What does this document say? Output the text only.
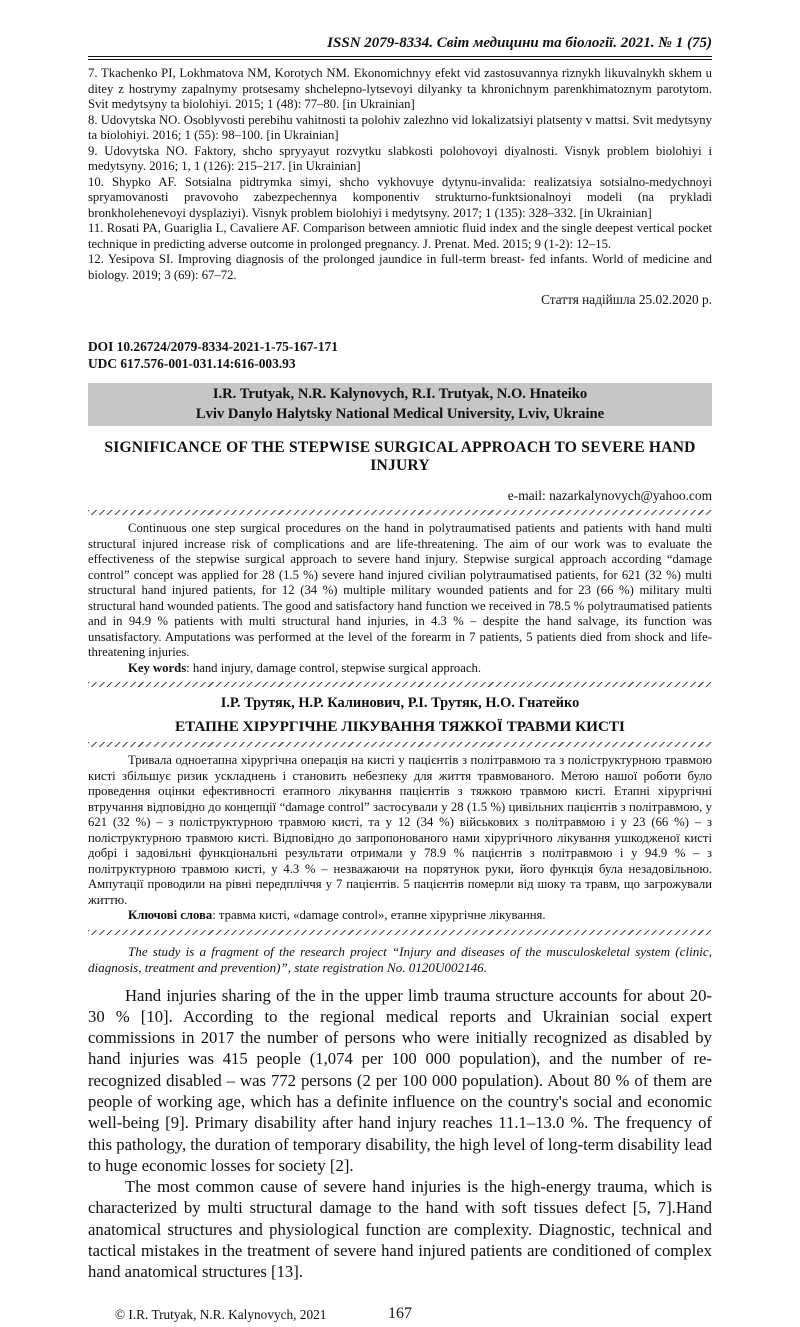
ISSN 2079-8334. Світ медицини та біології. 2021. № 1 (75)

7. Tkachenko PI, Lokhmatova NM, Korotych NM. Ekonomichnyy efekt vid zastosuvannya riznykh likuvalnykh skhem u ditey z hostrymy zapalnymy protsesamy shchelepno-lytsevoyi dilyanky ta khronichnym parenkhimatoznym parotytom. Svit medytsyny ta biolohiyi. 2015; 1 (48): 77–80. [in Ukrainian]

8. Udovytska NO. Osoblyvosti perebihu vahitnosti ta polohiv zalezhno vid lokalizatsiyi platsenty v mattsi. Svit medytsyny ta biolohiyi. 2016; 1 (55): 98–100. [in Ukrainian]

9. Udovytska NO. Faktory, shcho spryyayut rozvytku slabkosti polohovoyi diyalnosti. Visnyk problem biolohiyi i medytsyny. 2016; 1, 1 (126): 215–217. [in Ukrainian]

10. Shypko AF. Sotsialna pidtrymka simyi, shcho vykhovuye dytynu-invalida: realizatsiya sotsialno-medychnoyi spryamovanosti pravovoho zabezpechennya komponentiv strukturno-funktsionalnoyi modeli (na prykladi bronkholehenevoyi dysplaziyi). Visnyk problem biolohiyi i medytsyny. 2017; 1 (135): 328–332. [in Ukrainian]

11. Rosati PA, Guariglia L, Cavaliere AF. Comparison between amniotic fluid index and the single deepest vertical pocket technique in predicting adverse outcome in prolonged pregnancy. J. Prenat. Med. 2015; 9 (1-2): 12–15.

12. Yesipova SI. Improving diagnosis of the prolonged jaundice in full-term breast- fed infants. World of medicine and biology. 2019; 3 (69): 67–72.

Стаття надійшла 25.02.2020 р.
DOI 10.26724/2079-8334-2021-1-75-167-171
UDC 617.576-001-031.14:616-003.93
I.R. Trutyak, N.R. Kalynovych, R.I. Trutyak, N.O. Hnateiko
Lviv Danylo Halytsky National Medical University, Lviv, Ukraine
SIGNIFICANCE OF THE STEPWISE SURGICAL APPROACH TO SEVERE HAND INJURY
e-mail: nazarkalynovych@yahoo.com

Continuous one step surgical procedures on the hand in polytraumatised patients and patients with hand multi structural injured increase risk of complications and are life-threatening. The aim of our work was to evaluate the effectiveness of the stepwise surgical approach to severe hand injury. Stepwise surgical approach according “damage control” concept was applied for 28 (1.5 %) severe hand injured civilian polytraumatised patients, for 621 (32 %) multi structural hand injured patients, for 12 (34 %) multiple military wounded patients and for 23 (66 %) military multi structural hand wounded patients. The good and satisfactory hand function we received in 78.5 % polytraumatised patients and in 94.9 % patients with multi structural hand injuries, in 4.3 % – despite the hand salvage, its function was unsatisfactory. Amputations was performed at the level of the forearm in 7 patients, 5 patients died from shock and life-threatening injuries.

Key words: hand injury, damage control, stepwise surgical approach.

І.Р. Трутяк, Н.Р. Калинович, Р.І. Трутяк, Н.О. Гнатейко
ЕТАПНЕ ХІРУРГІЧНЕ ЛІКУВАННЯ ТЯЖКОЇ ТРАВМИ КИСТІ

Тривала одноетапна хірургічна операція на кисті у пацієнтів з політравмою та з поліструктурною травмою кисті збільшує ризик ускладнень і становить небезпеку для життя травмованого. Метою нашої роботи було проведення оцінки ефективності етапного лікування пацієнтів з тяжкою травмою кисті. Етапні хірургічні втручання відповідно до концепції “damage control” застосували у 28 (1.5 %) цивільних пацієнтів з політравмою, у 621 (32 %) – з поліструктурною травмою кисті, та у 12 (34 %) військових з політравмою і у 23 (66 %) – з поліструктурною травмою кисті. Відповідно до запропонованого нами хірургічного лікування ушкодженої кисті добрі і задовільні функціональні результати отримали у 78.9 % пацієнтів з політравмою і у 94.9 % – з політруктурною травмою кисті, у 4.3 % – незважаючи на порятунок руки, його функція була незадовільною. Ампутації проводили на рівні передпліччя у 7 пацієнтів. 5 пацієнтів померли від шоку та травм, що загрожували життю.

Ключові слова: травма кисті, «damage control», етапне хірургічне лікування.

The study is a fragment of the research project “Injury and diseases of the musculoskeletal system (clinic, diagnosis, treatment and prevention)”, state registration No. 0120U002146.

Hand injuries sharing of the in the upper limb trauma structure accounts for about 20-30 % [10]. According to the regional medical reports and Ukrainian social expert commissions in 2017 the number of persons who were initially recognized as disabled by hand injuries was 415 people (1,074 per 100 000 population), and the number of re-recognized disabled – was 772 persons (2 per 100 000 population). About 80 % of them are people of working age, which has a definite influence on the country's social and economic well-being [9]. Primary disability after hand injury reaches 11.1–13.0 %. The frequency of this pathology, the duration of temporary disability, the high level of long-term disability lead to huge economic losses for society [2].

The most common cause of severe hand injuries is the high-energy trauma, which is characterized by multi structural damage to the hand with soft tissues defect [5, 7].Hand anatomical structures and physiological function are complexity. Diagnostic, technical and tactical mistakes in the treatment of severe hand injured patients are conditioned of complex hand anatomical structures [13].

© I.R. Trutyak, N.R. Kalynovych, 2021	167
